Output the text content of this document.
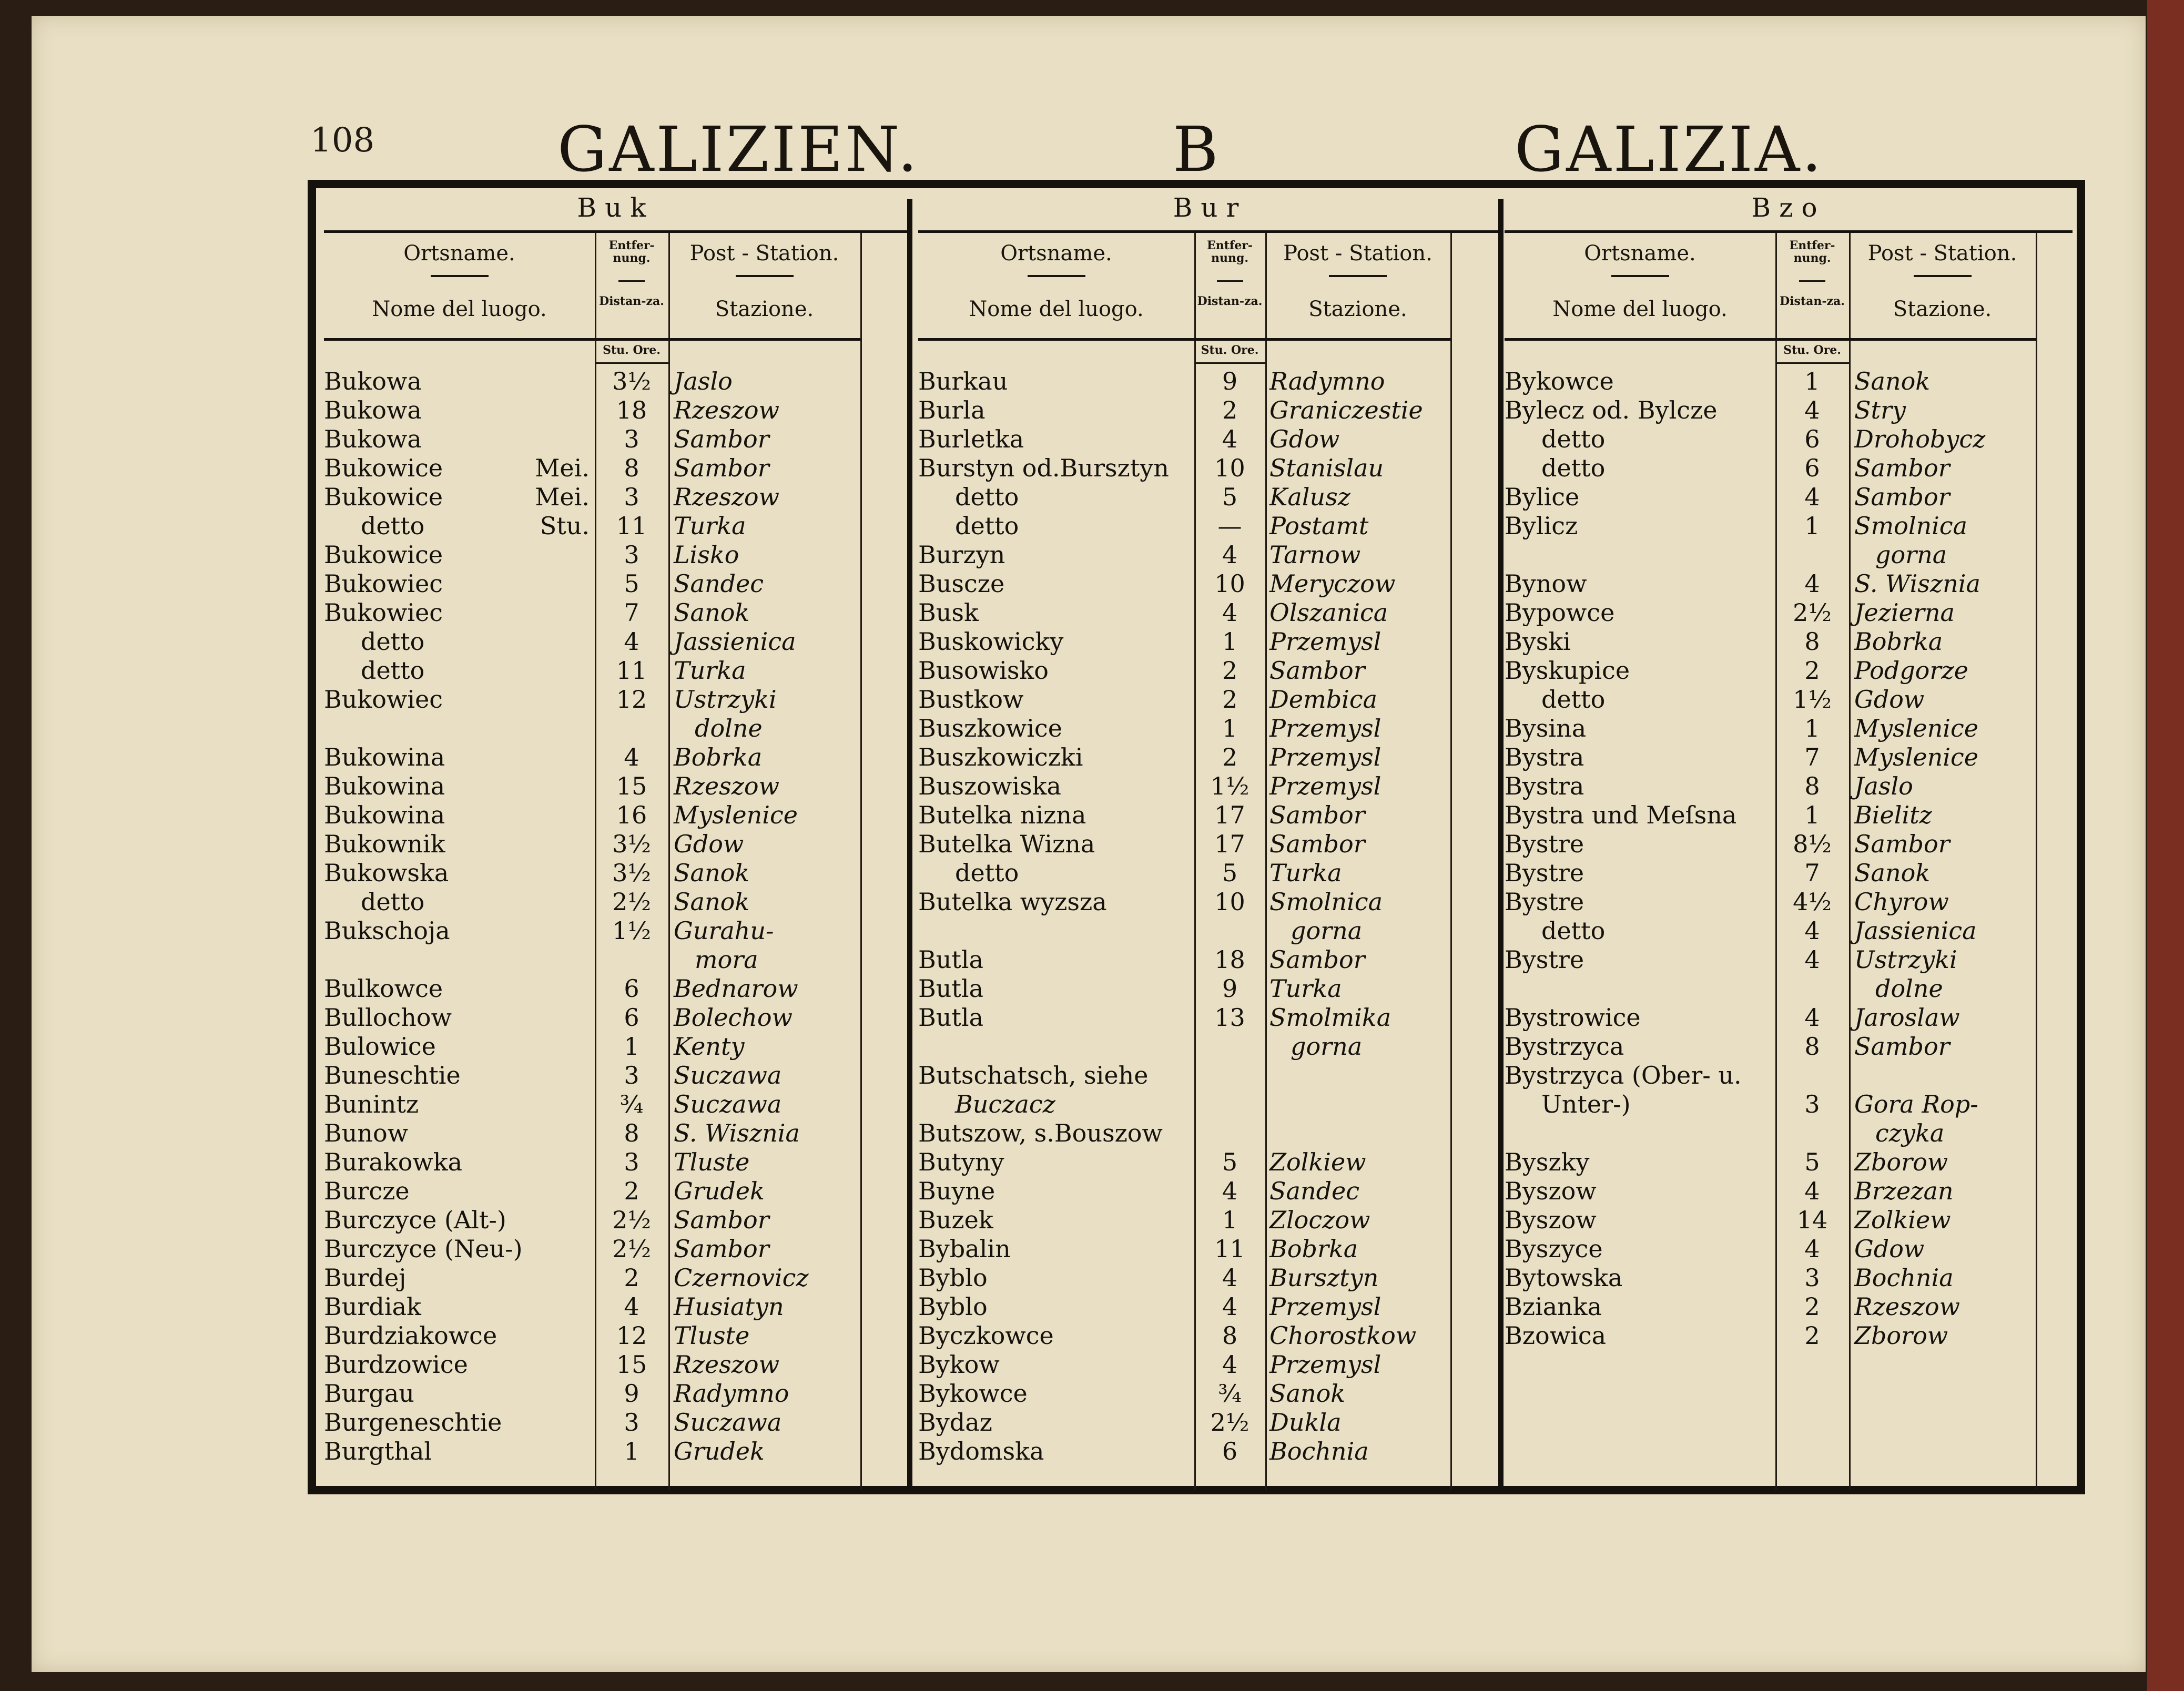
108	GALIZIEN.	B	GALIZIA.
Buk
Ortsname.
Nome del luogo.
Entfer-nung.
Distan-za.
Post - Station.
Stazione.
Stu. Ore.
Bukowa	3½ Jaslo
Bukowa	18	Rzeszow
Bukowa	3	Sambor
Bukowice	Mei.	8	Sambor
Bukowice	Mei.	3	Rzeszow
detto	Stu.	11	Turka
Bukowice	3	Lisko
Bukowiec	5	Sandec
Bukowiec	7	Sanok
detto	4	Jassienica
detto	11	Turka
Bukowiec	12	Ustrzyki
dolne
Bukowina	4	Bobrka
Bukowina	15	Rzeszow
Bukowina	16	Myslenice
Bukownik	3½ Gdow
Bukowska	3½ Sanok
detto	2½ Sanok
Bukschoja	1½ Gurahu-
mora
Bulkowce	6	Bednarow
Bullochow	6	Bolechow
Bulowice	1	Kenty
Buneschtie	3	Suczawa
Bunintz	¾	Suczawa
Bunow	8	S. Wisznia
Burakowka	3	Tluste
Burcze	2	Grudek
Burczyce (Alt-)	2½ Sambor
Burczyce (Neu-)	2½ Sambor
Burdej	2	Czernovicz
Burdiak	4	Husiatyn
Burdziakowce	12	Tluste
Burdzowice	15	Rzeszow
Burgau	9	Radymno
Burgeneschtie	3	Suczawa
Burgthal	1	Grudek
Bur
Ortsname.
Nome del luogo.
Entfer-nung.
Distan-za.
Post - Station.
Stazione.
Stu. Ore.
Burkau	9	Radymno
Burla	2	Graniczestie
Burletka	4	Gdow
Burstyn od.Bursztyn	10	Stanislau
detto	5	Kalusz
detto	—	Postamt
Burzyn	4	Tarnow
Buscze	10	Meryczow
Busk	4	Olszanica
Buskowicky	1	Przemysl
Busowisko	2	Sambor
Bustkow	2	Dembica
Buszkowice	1	Przemysl
Buszkowiczki	2	Przemysl
Buszowiska	1½ Przemysl
Butelka nizna	17	Sambor
Butelka Wizna	17	Sambor
detto	5	Turka
Butelka wyzsza	10	Smolnica
gorna
Butla	18	Sambor
Butla	9	Turka
Butla	13	Smolmika
gorna
Butschatsch, siehe
Buczacz
Butszow, s.Bouszow
Butyny	5	Zolkiew
Buyne	4	Sandec
Buzek	1	Zloczow
Bybalin	11	Bobrka
Byblo	4	Bursztyn
Byblo	4	Przemysl
Byczkowce	8	Chorostkow
Bykow	4	Przemysl
Bykowce	¾	Sanok
Bydaz	2½ Dukla
Bydomska	6	Bochnia
Bzo
Ortsname.
Nome del luogo.
Entfer-nung.
Distan-za.
Post - Station.
Stazione.
Stu. Ore.
Bykowce	1	Sanok
Bylecz od. Bylcze	4	Stry
detto	6	Drohobycz
detto	6	Sambor
Bylice	4	Sambor
Bylicz	1	Smolnica
gorna
Bynow	4	S. Wisznia
Bypowce	2½ Jezierna
Byski	8	Bobrka
Byskupice	2	Podgorze
detto	1½ Gdow
Bysina	1	Myslenice
Bystra	7	Myslenice
Bystra	8	Jaslo
Bystra und Meſsna	1	Bielitz
Bystre	8½ Sambor
Bystre	7	Sanok
Bystre	4½ Chyrow
detto	4	Jassienica
Bystre	4	Ustrzyki
dolne
Bystrowice	4	Jaroslaw
Bystrzyca	8	Sambor
Bystrzyca (Ober- u.
Unter-)	3	Gora Rop-
czyka
Byszky	5	Zborow
Byszow	4	Brzezan
Byszow	14	Zolkiew
Byszyce	4	Gdow
Bytowska	3	Bochnia
Bzianka	2	Rzeszow
Bzowica	2	Zborow
